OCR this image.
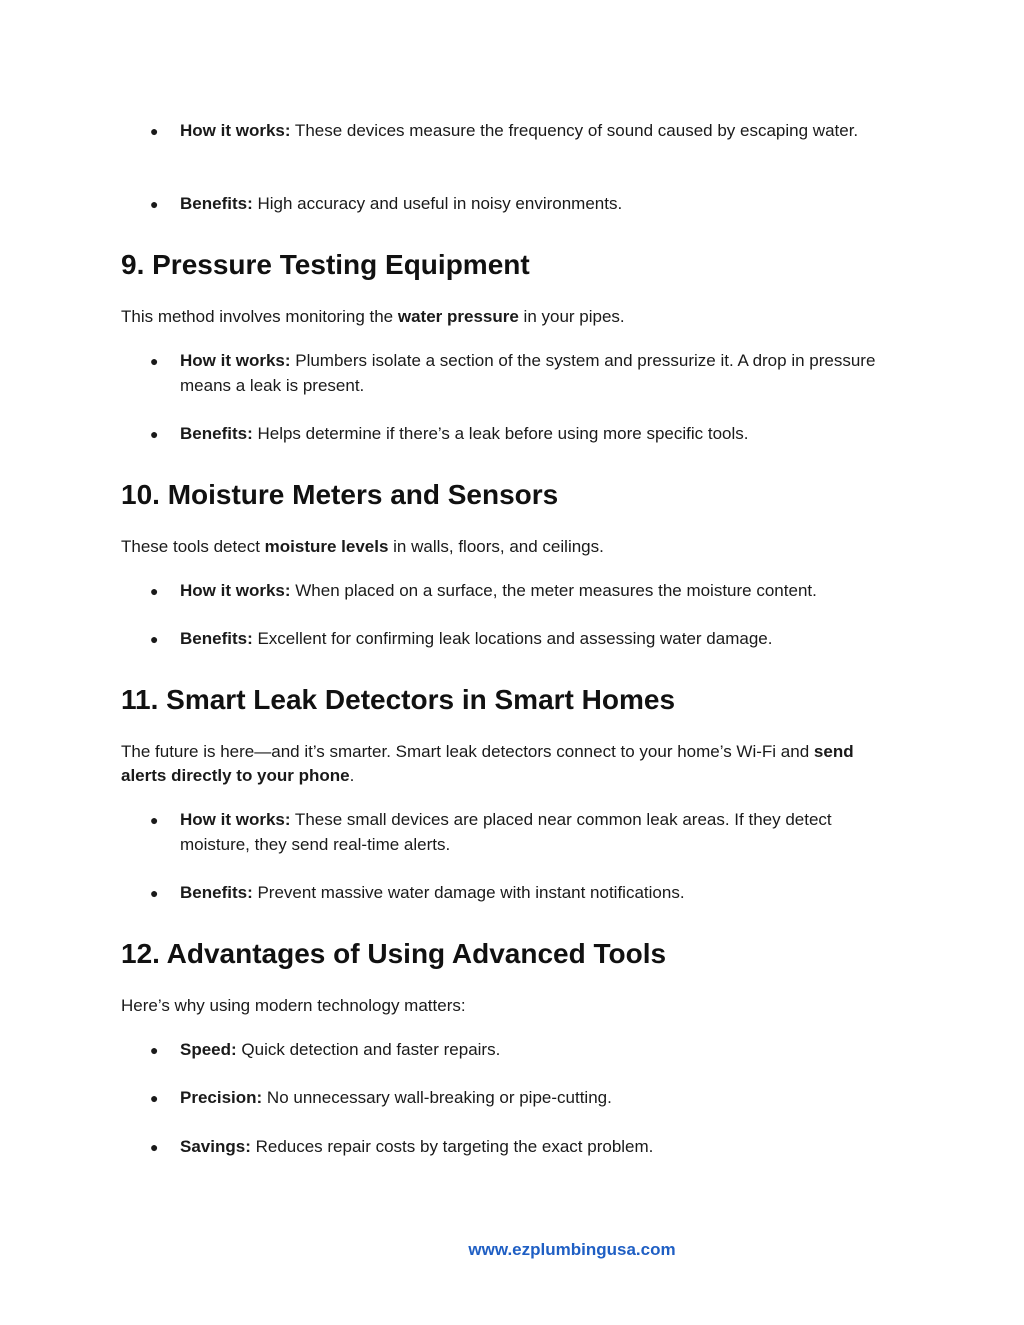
●	How it works: These devices measure the frequency of sound caused by escaping water.
●	Benefits: High accuracy and useful in noisy environments.
9. Pressure Testing Equipment

This method involves monitoring the water pressure in your pipes.

●	How it works: Plumbers isolate a section of the system and pressurize it. A drop in pressure means a leak is present.
●	Benefits: Helps determine if there’s a leak before using more specific tools.
10. Moisture Meters and Sensors

These tools detect moisture levels in walls, floors, and ceilings.

●	How it works: When placed on a surface, the meter measures the moisture content.
●	Benefits: Excellent for confirming leak locations and assessing water damage.
11. Smart Leak Detectors in Smart Homes

The future is here—and it’s smarter. Smart leak detectors connect to your home’s Wi-Fi and send alerts directly to your phone.

●	How it works: These small devices are placed near common leak areas. If they detect moisture, they send real-time alerts.
●	Benefits: Prevent massive water damage with instant notifications.
12. Advantages of Using Advanced Tools

Here’s why using modern technology matters:

●	Speed: Quick detection and faster repairs.
●	Precision: No unnecessary wall-breaking or pipe-cutting.
●	Savings: Reduces repair costs by targeting the exact problem.
www.ezplumbingusa.com
